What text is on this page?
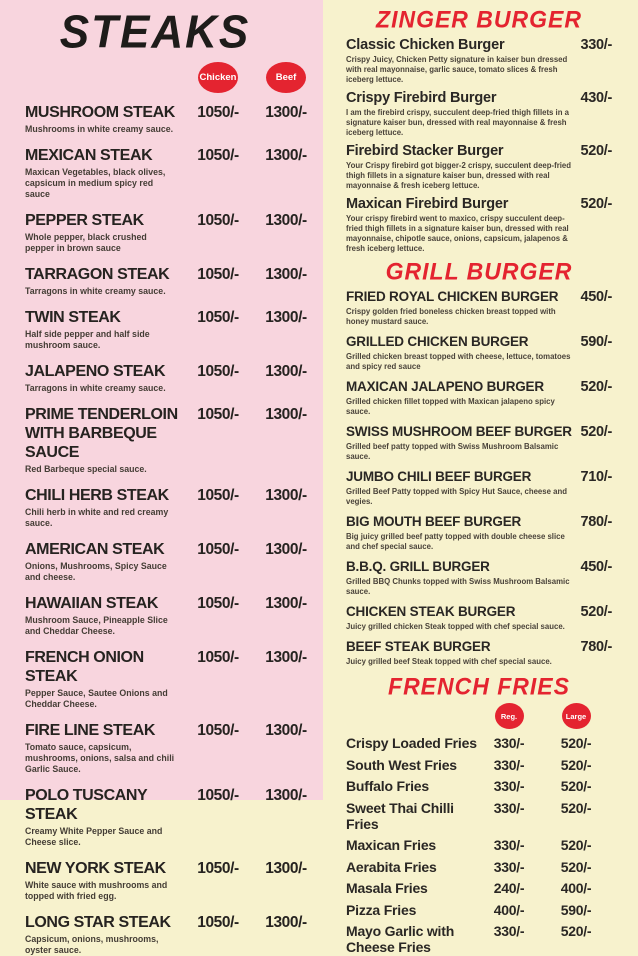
STEAKS
Chicken	Beef
MUSHROOM STEAK
Mushrooms in white creamy sauce.
1050/-	1300/-
MEXICAN STEAK
Maxican Vegetables, black olives, capsicum in medium spicy red sauce
1050/-	1300/-
PEPPER STEAK
Whole pepper, black crushed pepper in brown sauce
1050/-	1300/-
TARRAGON STEAK
Tarragons in white creamy sauce.
1050/-	1300/-
TWIN STEAK
Half side pepper and half side mushroom sauce.
1050/-	1300/-
JALAPENO STEAK
Tarragons in white creamy sauce.
1050/-	1300/-
PRIME TENDERLOIN WITH BARBEQUE SAUCE
Red Barbeque special sauce.
1050/-	1300/-
CHILI HERB STEAK
Chili herb in white and red creamy sauce.
1050/-	1300/-
AMERICAN STEAK
Onions, Mushrooms, Spicy Sauce and cheese.
1050/-	1300/-
HAWAIIAN STEAK
Mushroom Sauce, Pineapple Slice and Cheddar Cheese.
1050/-	1300/-
FRENCH ONION STEAK
Pepper Sauce, Sautee Onions and Cheddar Cheese.
1050/-	1300/-
FIRE LINE STEAK
Tomato sauce, capsicum, mushrooms, onions, salsa and chili Garlic Sauce.
1050/-	1300/-
POLO TUSCANY STEAK
Creamy White Pepper Sauce and Cheese slice.
1050/-	1300/-
NEW YORK STEAK
White sauce with mushrooms and topped with fried egg.
1050/-	1300/-
LONG STAR STEAK
Capsicum, onions, mushrooms, oyster sauce.
1050/-	1300/-
ZINGER BURGER
Classic Chicken Burger	330/-
Crispy Juicy, Chicken Petty signature in kaiser bun dressed with real mayonnaise, garlic sauce, tomato slices & fresh iceberg lettuce.
Crispy Firebird Burger	430/-
I am the firebird crispy, succulent deep-fried thigh fillets in a signature kaiser bun, dressed with real mayonnaise & fresh iceberg lettuce.
Firebird Stacker Burger	520/-
Your Crispy firebird got bigger-2 crispy, succulent deep-fried thigh fillets in a signature kaiser bun, dressed with real mayonnaise & fresh iceberg lettuce.
Maxican Firebird Burger	520/-
Your crispy firebird went to maxico, crispy succulent deep-fried thigh fillets in a signature kaiser bun, dressed with real mayonnaise, chipotle sauce, onions, capsicum, jalapenos & fresh iceberg lettuce.
GRILL BURGER
FRIED ROYAL CHICKEN BURGER	450/-
Crispy golden fried boneless chicken breast topped with honey mustard sauce.
GRILLED CHICKEN BURGER	590/-
Grilled chicken breast topped with cheese, lettuce, tomatoes and spicy red sauce
MAXICAN JALAPENO BURGER	520/-
Grilled chicken fillet topped with Maxican jalapeno spicy sauce.
SWISS MUSHROOM BEEF BURGER 520/-
Grilled beef patty topped with Swiss Mushroom Balsamic sauce.
JUMBO CHILI BEEF BURGER	710/-
Grilled Beef Patty topped with Spicy Hut Sauce, cheese and vegies.
BIG MOUTH BEEF BURGER	780/-
Big juicy grilled beef patty topped with double cheese slice and chef special sauce.
B.B.Q. GRILL BURGER	450/-
Grilled BBQ Chunks topped with Swiss Mushroom Balsamic sauce.
CHICKEN STEAK BURGER	520/-
Juicy grilled chicken Steak topped with chef special sauce.
BEEF STEAK BURGER	780/-
Juicy grilled beef Steak topped with chef special sauce.
FRENCH FRIES
Reg.	Large
Crispy Loaded Fries	330/-	520/-
South West Fries	330/-	520/-
Buffalo Fries	330/-	520/-
Sweet Thai Chilli Fries
330/-	520/-
Maxican Fries	330/-	520/-
Aerabita Fries	330/-	520/-
Masala Fries	240/-	400/-
Pizza Fries	400/-	590/-
Mayo Garlic with Cheese Fries
330/-	520/-
